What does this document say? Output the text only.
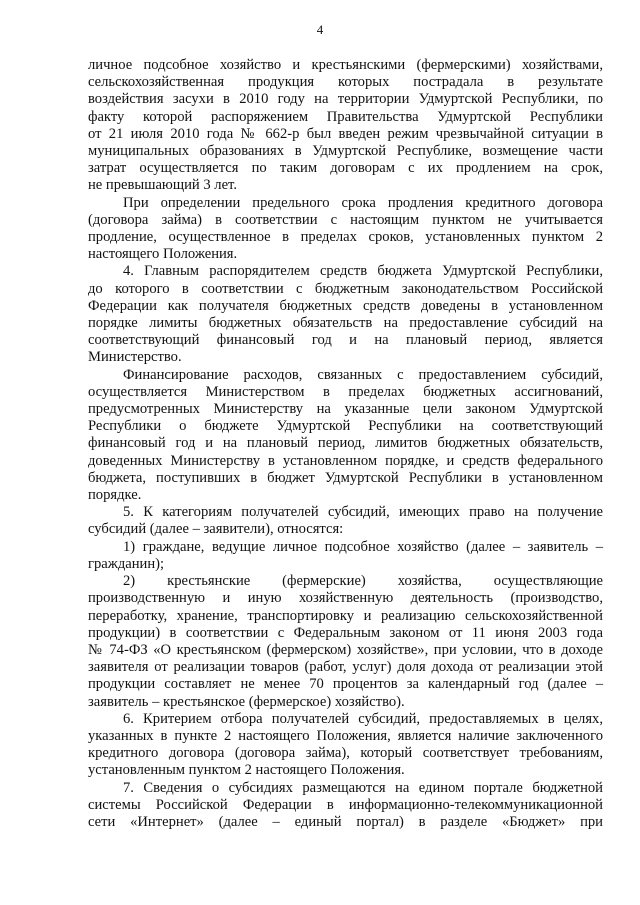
4
личное подсобное хозяйство и крестьянскими (фермерскими) хозяйствами,
сельскохозяйственная продукция которых пострадала в результате
воздействия засухи в 2010 году на территории Удмуртской Республики, по
факту которой распоряжением Правительства Удмуртской Республики
от 21 июля 2010 года № 662-р был введен режим чрезвычайной ситуации в
муниципальных образованиях в Удмуртской Республике, возмещение части
затрат осуществляется по таким договорам с их продлением на срок,
не превышающий 3 лет.
При определении предельного срока продления кредитного договора
(договора займа) в соответствии с настоящим пунктом не учитывается
продление, осуществленное в пределах сроков, установленных пунктом 2
настоящего Положения.
4. Главным распорядителем средств бюджета Удмуртской Республики,
до которого в соответствии с бюджетным законодательством Российской
Федерации как получателя бюджетных средств доведены в установленном
порядке лимиты бюджетных обязательств на предоставление субсидий на
соответствующий финансовый год и на плановый период, является
Министерство.
Финансирование расходов, связанных с предоставлением субсидий,
осуществляется Министерством в пределах бюджетных ассигнований,
предусмотренных Министерству на указанные цели законом Удмуртской
Республики о бюджете Удмуртской Республики на соответствующий
финансовый год и на плановый период, лимитов бюджетных обязательств,
доведенных Министерству в установленном порядке, и средств федерального
бюджета, поступивших в бюджет Удмуртской Республики в установленном
порядке.
5. К категориям получателей субсидий, имеющих право на получение
субсидий (далее – заявители), относятся:
1) граждане, ведущие личное подсобное хозяйство (далее – заявитель –
гражданин);
2) крестьянские (фермерские) хозяйства, осуществляющие
производственную и иную хозяйственную деятельность (производство,
переработку, хранение, транспортировку и реализацию сельскохозяйственной
продукции) в соответствии с Федеральным законом от 11 июня 2003 года
№ 74-ФЗ «О крестьянском (фермерском) хозяйстве», при условии, что в доходе
заявителя от реализации товаров (работ, услуг) доля дохода от реализации этой
продукции составляет не менее 70 процентов за календарный год (далее –
заявитель – крестьянское (фермерское) хозяйство).
6. Критерием отбора получателей субсидий, предоставляемых в целях,
указанных в пункте 2 настоящего Положения, является наличие заключенного
кредитного договора (договора займа), который соответствует требованиям,
установленным пунктом 2 настоящего Положения.
7. Сведения о субсидиях размещаются на едином портале бюджетной
системы Российской Федерации в информационно-телекоммуникационной
сети «Интернет» (далее – единый портал) в разделе «Бюджет» при
